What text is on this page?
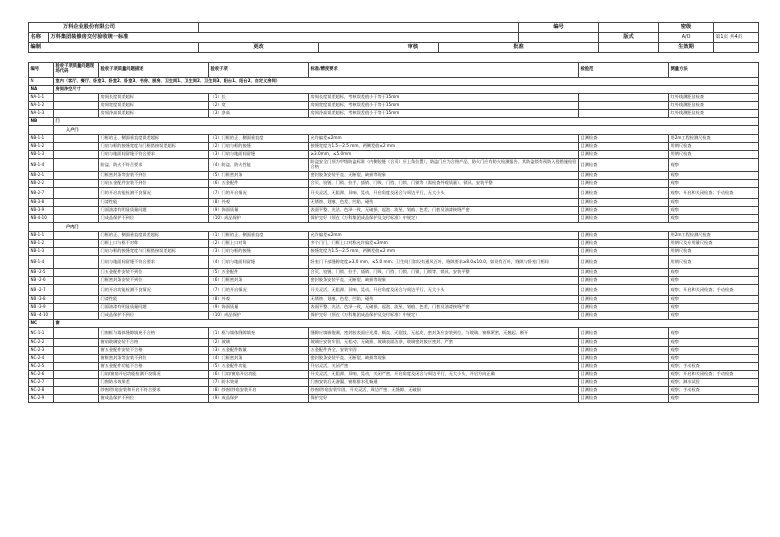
万科企业股份有限公司					编号		密级	
名称	万科集团装修房交付验收统一标准					版式	A/O	第1页 共4页
编制		更改	审核	批准			生效期	
编号	验收子项质量问题现场代码	验收子项质量问题描述	验收子项	标准/精度要求	检验范	测量方法
N	室内（客厅、餐厅、卧室1、卧室2、卧室3、书房、厨房、卫生间1、卫生间2、卫生间3、阳台1、阳台2、自定义房间）					
NA	房间净空尺寸					
NA-1-1		房间长度误差超标	（1）长	房间长度误差超标，考核误差值小于等于15mm		红外线测距仪检查
NA-1-2		房间宽度误差超标	（2）宽	房间宽度误差超标，考核误差值小于等于15mm		红外线测距仪检查
NA-1-3		房间净高误差超标	（3）净高	房间净高误差超标，考核误差值小于等于15mm		红外线测距仪检查
NB	门					
	入户门					
NB-1-1		门框的正、侧面垂直度误差超标	（1）门框的正、侧面垂直度	允许偏差≤2mm	目测检查	用2m工程检测尺检查
NB-1-2		门扇与框的接缝宽度与门框搭接误差超标	（2）门扇与框的接缝	接缝宽度为1.5～2.5 mm，两侧差值≤2 mm	目测检查	用钢尺检查
NB-1-3		门扇与地面间留缝不符合要求	（3）门扇与地面间留缝	≥3.0mm，≤5.0mm	目测检查	用钢尺检查
NB-1-4		防盗、防火不符合要求	（4）防盗、防火性能	防盗安全门须为甲级防盗标准（内侧铰链（合页）应上角位置），防盗门应为合格产品，防火门应有防火检测报告，其防盗锁有预防入侵措施检验合格	目测检查	观察
NB-2-1		门框密封条等安装不到位	（5）门框密封条	密封胶条安装平直、无断裂、缺损等现象	目测检查	观察
NB-2-2		门扇五金配件安装不到位	（6）五金配件	合页、铰链、门锁、拉手、插销、门吸、门挡、门锁、门锁等（需检查外观质量）、锁具、安装平整	目测检查	观察
NB-2-7		门的开启功能检测不良情况	（7）门的开启情况	开关灵活，无阻滞、异响、晃动，开启角度及闭合与周边平行，无大小头	目测检查	观察；开启和关闭检查；手动检查
NB-3-8		门漆性能	（8）外观	无锈蚀、划痕、色差、凹陷、碰伤	目测检查	观察
NB-3-9		门面油漆有明显质量问题	（9）饰面质量	表面平整、光洁、色泽一致，无破损、起泡、流坠、划痕、色差，门套及油漆接缝严密	目测检查	观察
NB-4-10		门成品保护不到位	（10）成品保护	保护完好（须在《万科集团成品保护及交付标准》中规定）	目测检查	观察
	户内门					
NB-1-1		门框的正、侧面垂直度误差超标	（1）门框的正、侧面垂直度	允许偏差≤2mm	目测检查	用2m工程检测尺检查
NB-1-2		门框上口与框不对称	（2）门框上口对角	多个门门，门框上口对称允许偏差≤3mm	目测检查	用钢尺及专用量尺检查
NB-1-3		门扇与框的接缝宽度与门框搭接误差超标	（3）门扇与框的接缝	接缝宽度为1.5～2.5 mm，两侧差值≤2 mm	目测检查	用钢尺检查
NB-1-4		门扇与地面间留缝不符合要求	（4）门扇与地面间留缝	卧室门下部缝隙宽度≥3.0 mm，≤5.0 mm；卫生间门如设有通风百叶，缝隙要求≥8.0≤10.0，如设有百叶，缝隙与卧室门相同	目测检查	用钢尺检查
NB -2-5		门五金配件安装不到位	（5）五金配件	合页、铰链、门锁、拉手、插销、门吸、门挡、门锁、门锁、门锁等、锁具、安装平整	目测检查	观察
NB -2-6		门框密封条安装不到位	（6）门框密封条	密封胶条安装平直、无断裂、缺损等现象	目测检查	观察
NB -2-7		门的开启功能检测不良情况	（7）门的开启情况	开关灵活，无阻滞、异响、晃动，开启角度及闭合与周边平行，无大小头	目测检查	观察；开启和关闭检查；手动检查
NB -3-8		门漆性能	（8）外观	无锈蚀、划痕、色差、凹陷、碰伤	目测检查	观察
NB -3-9		门面油漆有明显质量问题	（9）饰面质量	表面平整、光洁、色泽一致，无破损、起泡、流坠、划痕、色差，门套及油漆接缝严密	目测检查	观察
NB -4-10		门成品保护不到位	（10）成品保护	保护完好（须在《万科集团成品保护及交付标准》中规定）	目测检查	观察
NC	窗					
NC-1-1		门窗框与墙体缝隙填充不合格	（1）框与墙体缝隙填充	缝隙应填嵌饱满，密封胶表面应光滑、顺直、无裂纹、无起皮、密封条应安装到位，与玻璃、窗框紧密，无翘起、断开	目测检查	观察
NC-2-2		窗扇玻璃安装不合格	（2）玻璃	玻璃应安装牢固，无松动、无破损、玻璃表面洁净，玻璃密封胶应密封、严密	目测检查	观察
NC-2-3		窗五金配件安装不合格	（3）五金配件数量	五金配件齐全，安装牢固	目测检查	观察
NC-2-4		窗框密封条等安装不到位	（4）门框密封条	密封胶条安装平直、无断裂、缺损等现象	目测检查	观察
NC-2-5		窗五金配件功能不合格	（5）五金配件功能	开启灵活，关闭严密	目测检查	观察；手动检查
NC-2-6		门扇/窗扇开启功能检测不良情况	（6）门扇/窗扇开启功能	开关灵活，无阻滞、异响、晃动，关闭严密，开启角度及闭合与周边平行，无大小头，开启方向正确	目测检查	观察；开启和关闭检查；手动检查
NC-2-7		门窗防水效果差	（7）防水效果	门窗安装后无渗漏、窗框排水孔畅通	目测检查	观察；淋水试验
NC-2-8		纱窗/纱扇安装和开启不符合要求	（8）纱窗/纱扇安装开启	纱窗/纱扇安装牢固，开关灵活、周边严密、无缝隙、无破损	目测检查	观察；手动检查
NC-2-9		窗成品保护不到位	（9）成品保护	保护完好	目测检查	观察
